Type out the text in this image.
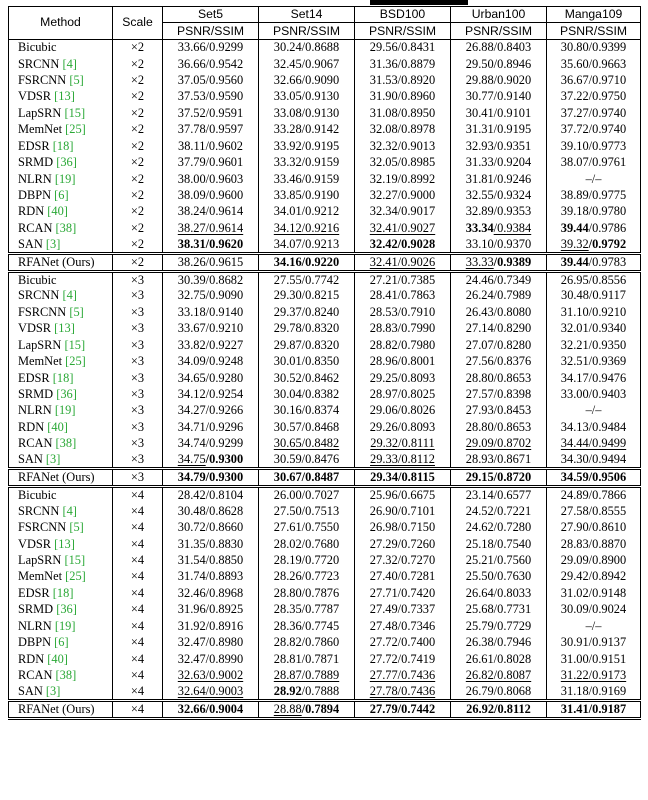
Method	Scale	Set5	Set14	BSD100	Urban100	Manga109
		PSNR/SSIM	PSNR/SSIM	PSNR/SSIM	PSNR/SSIM	PSNR/SSIM
Bicubic	×2	33.66/0.9299	30.24/0.8688	29.56/0.8431	26.88/0.8403	30.80/0.9399
SRCNN [4]	×2	36.66/0.9542	32.45/0.9067	31.36/0.8879	29.50/0.8946	35.60/0.9663
FSRCNN [5]	×2	37.05/0.9560	32.66/0.9090	31.53/0.8920	29.88/0.9020	36.67/0.9710
VDSR [13]	×2	37.53/0.9590	33.05/0.9130	31.90/0.8960	30.77/0.9140	37.22/0.9750
LapSRN [15]	×2	37.52/0.9591	33.08/0.9130	31.08/0.8950	30.41/0.9101	37.27/0.9740
MemNet [25]	×2	37.78/0.9597	33.28/0.9142	32.08/0.8978	31.31/0.9195	37.72/0.9740
EDSR [18]	×2	38.11/0.9602	33.92/0.9195	32.32/0.9013	32.93/0.9351	39.10/0.9773
SRMD [36]	×2	37.79/0.9601	33.32/0.9159	32.05/0.8985	31.33/0.9204	38.07/0.9761
NLRN [19]	×2	38.00/0.9603	33.46/0.9159	32.19/0.8992	31.81/0.9246	–/–
DBPN [6]	×2	38.09/0.9600	33.85/0.9190	32.27/0.9000	32.55/0.9324	38.89/0.9775
RDN [40]	×2	38.24/0.9614	34.01/0.9212	32.34/0.9017	32.89/0.9353	39.18/0.9780
RCAN [38]	×2	38.27/0.9614	34.12/0.9216	32.41/0.9027	33.34/0.9384	39.44/0.9786
SAN [3]	×2	38.31/0.9620	34.07/0.9213	32.42/0.9028	33.10/0.9370	39.32/0.9792
RFANet (Ours)	×2	38.26/0.9615	34.16/0.9220	32.41/0.9026	33.33/0.9389	39.44/0.9783
Bicubic	×3	30.39/0.8682	27.55/0.7742	27.21/0.7385	24.46/0.7349	26.95/0.8556
SRCNN [4]	×3	32.75/0.9090	29.30/0.8215	28.41/0.7863	26.24/0.7989	30.48/0.9117
FSRCNN [5]	×3	33.18/0.9140	29.37/0.8240	28.53/0.7910	26.43/0.8080	31.10/0.9210
VDSR [13]	×3	33.67/0.9210	29.78/0.8320	28.83/0.7990	27.14/0.8290	32.01/0.9340
LapSRN [15]	×3	33.82/0.9227	29.87/0.8320	28.82/0.7980	27.07/0.8280	32.21/0.9350
MemNet [25]	×3	34.09/0.9248	30.01/0.8350	28.96/0.8001	27.56/0.8376	32.51/0.9369
EDSR [18]	×3	34.65/0.9280	30.52/0.8462	29.25/0.8093	28.80/0.8653	34.17/0.9476
SRMD [36]	×3	34.12/0.9254	30.04/0.8382	28.97/0.8025	27.57/0.8398	33.00/0.9403
NLRN [19]	×3	34.27/0.9266	30.16/0.8374	29.06/0.8026	27.93/0.8453	–/–
RDN [40]	×3	34.71/0.9296	30.57/0.8468	29.26/0.8093	28.80/0.8653	34.13/0.9484
RCAN [38]	×3	34.74/0.9299	30.65/0.8482	29.32/0.8111	29.09/0.8702	34.44/0.9499
SAN [3]	×3	34.75/0.9300	30.59/0.8476	29.33/0.8112	28.93/0.8671	34.30/0.9494
RFANet (Ours)	×3	34.79/0.9300	30.67/0.8487	29.34/0.8115	29.15/0.8720	34.59/0.9506
Bicubic	×4	28.42/0.8104	26.00/0.7027	25.96/0.6675	23.14/0.6577	24.89/0.7866
SRCNN [4]	×4	30.48/0.8628	27.50/0.7513	26.90/0.7101	24.52/0.7221	27.58/0.8555
FSRCNN [5]	×4	30.72/0.8660	27.61/0.7550	26.98/0.7150	24.62/0.7280	27.90/0.8610
VDSR [13]	×4	31.35/0.8830	28.02/0.7680	27.29/0.7260	25.18/0.7540	28.83/0.8870
LapSRN [15]	×4	31.54/0.8850	28.19/0.7720	27.32/0.7270	25.21/0.7560	29.09/0.8900
MemNet [25]	×4	31.74/0.8893	28.26/0.7723	27.40/0.7281	25.50/0.7630	29.42/0.8942
EDSR [18]	×4	32.46/0.8968	28.80/0.7876	27.71/0.7420	26.64/0.8033	31.02/0.9148
SRMD [36]	×4	31.96/0.8925	28.35/0.7787	27.49/0.7337	25.68/0.7731	30.09/0.9024
NLRN [19]	×4	31.92/0.8916	28.36/0.7745	27.48/0.7346	25.79/0.7729	–/–
DBPN [6]	×4	32.47/0.8980	28.82/0.7860	27.72/0.7400	26.38/0.7946	30.91/0.9137
RDN [40]	×4	32.47/0.8990	28.81/0.7871	27.72/0.7419	26.61/0.8028	31.00/0.9151
RCAN [38]	×4	32.63/0.9002	28.87/0.7889	27.77/0.7436	26.82/0.8087	31.22/0.9173
SAN [3]	×4	32.64/0.9003	28.92/0.7888	27.78/0.7436	26.79/0.8068	31.18/0.9169
RFANet (Ours)	×4	32.66/0.9004	28.88/0.7894	27.79/0.7442	26.92/0.8112	31.41/0.9187
